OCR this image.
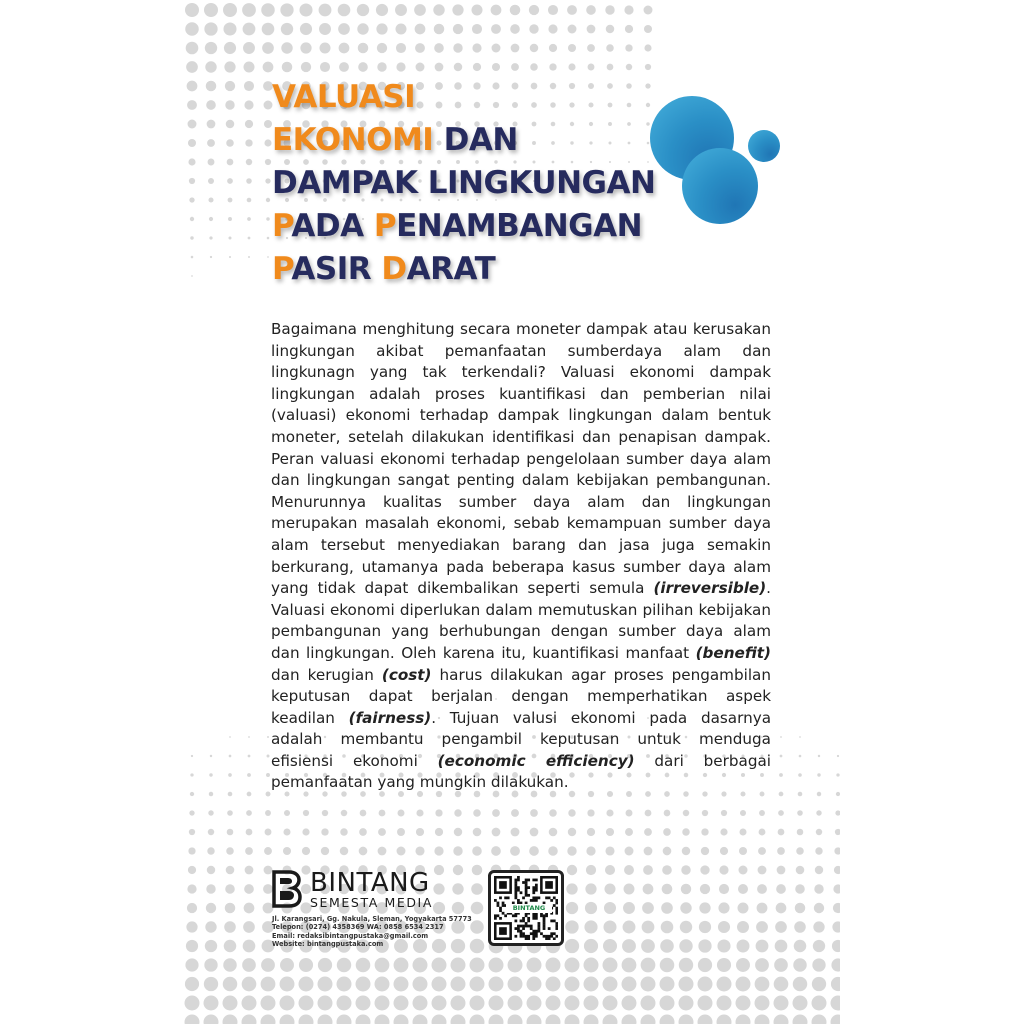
VALUASI
EKONOMI DAN
DAMPAK LINGKUNGAN
PADA PENAMBANGAN
PASIR DARAT

Bagaimana menghitung secara moneter dampak atau kerusakan lingkungan akibat pemanfaatan sumberdaya alam dan lingkunagn yang tak terkendali? Valuasi ekonomi dampak lingkungan adalah proses kuantifikasi dan pemberian nilai (valuasi) ekonomi terhadap dampak lingkungan dalam bentuk moneter, setelah dilakukan identifikasi dan penapisan dampak. Peran valuasi ekonomi terhadap pengelolaan sumber daya alam dan lingkungan sangat penting dalam kebijakan pembangunan. Menurunnya kualitas sumber daya alam dan lingkungan merupakan masalah ekonomi, sebab kemampuan sumber daya alam tersebut menyediakan barang dan jasa juga semakin berkurang, utamanya pada beberapa kasus sumber daya alam yang tidak dapat dikembalikan seperti semula (irreversible). Valuasi ekonomi diperlukan dalam memutuskan pilihan kebijakan pembangunan yang berhubungan dengan sumber daya alam dan lingkungan. Oleh karena itu, kuantifikasi manfaat (benefit) dan kerugian (cost) harus dilakukan agar proses pengambilan keputusan dapat berjalan dengan memperhatikan aspek keadilan (fairness). Tujuan valusi ekonomi pada dasarnya adalah membantu pengambil keputusan untuk menduga efisiensi ekonomi (economic efficiency) dari berbagai pemanfaatan yang mungkin dilakukan.

BINTANG
SEMESTA MEDIA
Jl. Karangsari, Gg. Nakula, Sleman, Yogyakarta 57773
Telepon: (0274) 4358369 WA: 0858 6534 2317
Email: redaksibintangpustaka@gmail.com
Website: bintangpustaka.com
BINTANG
